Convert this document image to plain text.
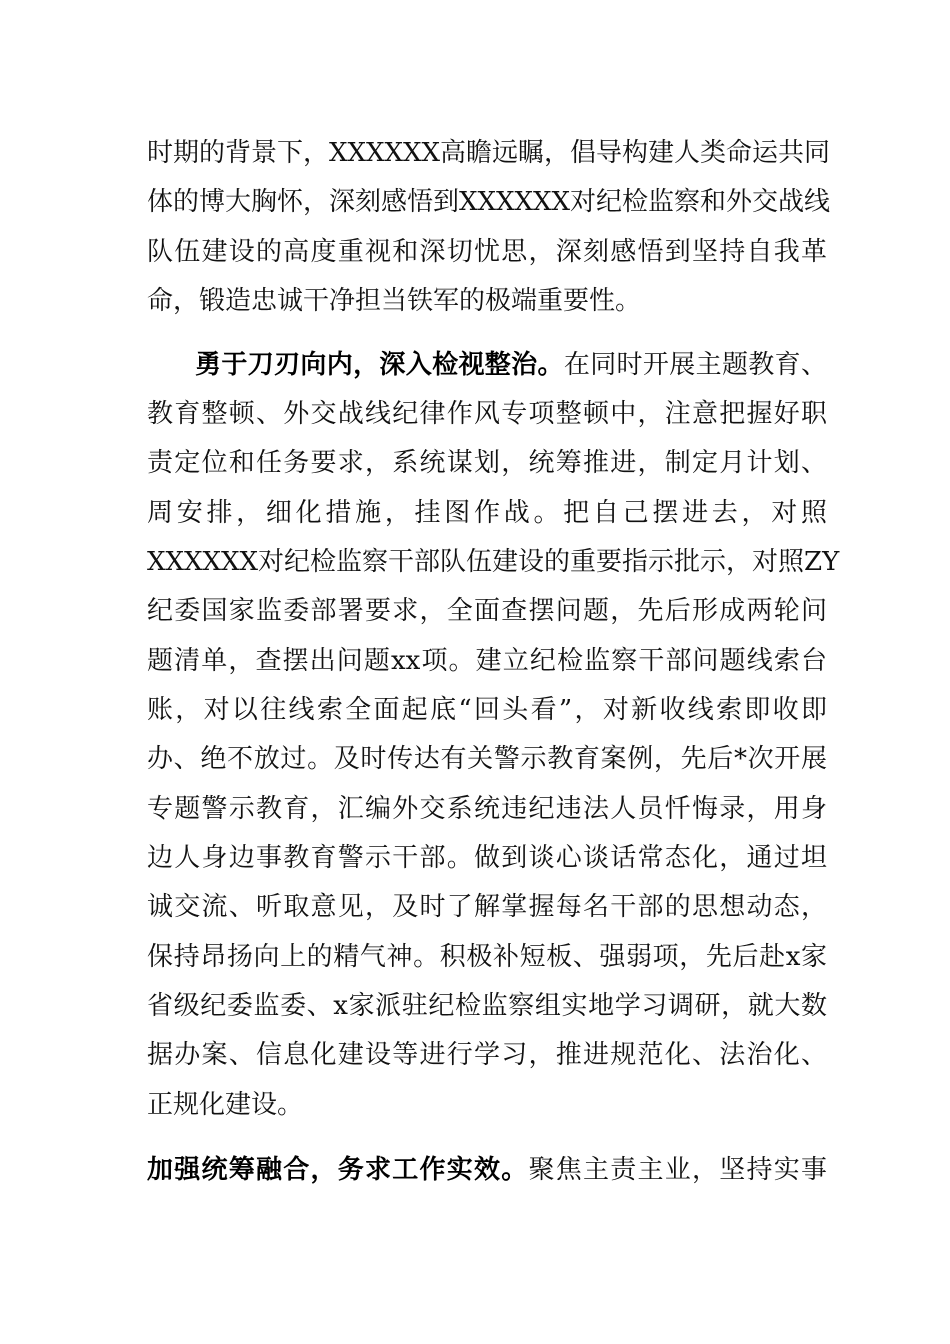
时期的背景下，XXXXXX高瞻远瞩，倡导构建人类命运共同
体的博大胸怀，深刻感悟到XXXXXX对纪检监察和外交战线
队伍建设的高度重视和深切忧思，深刻感悟到坚持自我革
命，锻造忠诚干净担当铁军的极端重要性。
勇于刀刃向内，深入检视整治。在同时开展主题教育、
教育整顿、外交战线纪律作风专项整顿中，注意把握好职
责定位和任务要求，系统谋划，统筹推进，制定月计划、
周安排，细化措施，挂图作战。把自己摆进去，对照
XXXXXX对纪检监察干部队伍建设的重要指示批示，对照ZY
纪委国家监委部署要求，全面查摆问题，先后形成两轮问
题清单，查摆出问题xx项。建立纪检监察干部问题线索台
账，对以往线索全面起底“回头看”，对新收线索即收即
办、绝不放过。及时传达有关警示教育案例，先后*次开展
专题警示教育，汇编外交系统违纪违法人员忏悔录，用身
边人身边事教育警示干部。做到谈心谈话常态化，通过坦
诚交流、听取意见，及时了解掌握每名干部的思想动态，
保持昂扬向上的精气神。积极补短板、强弱项，先后赴x家
省级纪委监委、x家派驻纪检监察组实地学习调研，就大数
据办案、信息化建设等进行学习，推进规范化、法治化、
正规化建设。
加强统筹融合，务求工作实效。聚焦主责主业，坚持实事
